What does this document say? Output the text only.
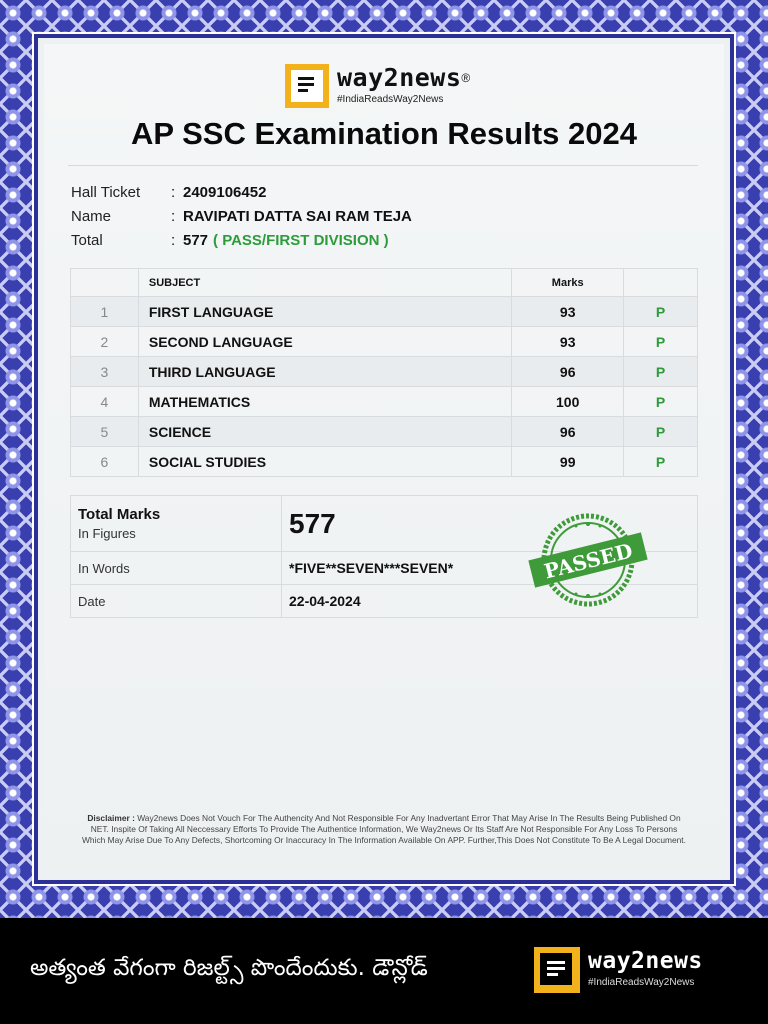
way2news®
#IndiaReadsWay2News
AP SSC Examination Results 2024
Hall Ticket	: 2409106452
Name	: RAVIPATI DATTA SAI RAM TEJA
Total	: 577 ( PASS/FIRST DIVISION )
	SUBJECT	Marks	
1	FIRST LANGUAGE	93	P
2	SECOND LANGUAGE	93	P
3	THIRD LANGUAGE	96	P
4	MATHEMATICS	100	P
5	SCIENCE	96	P
6	SOCIAL STUDIES	99	P
Total Marks
In Figures	577
In Words	*FIVE**SEVEN***SEVEN*
Date	22-04-2024
PASSED
Disclaimer : Way2news Does Not Vouch For The Authencity And Not Responsible For Any Inadvertant Error That May Arise In The Results Being Published On NET. Inspite Of Taking All Neccessary Efforts To Provide The Authentice Information, We Way2news Or Its Staff Are Not Responsible For Any Loss To Persons Which May Arise Due To Any Defects, Shortcoming Or Inaccuracy In The Information Available On APP. Further,This Does Not Constitute To Be A Legal Document.
అత్యంత వేగంగా రిజల్ట్స్ పొందేందుకు. డౌన్లోడ్	way2news
#IndiaReadsWay2News
